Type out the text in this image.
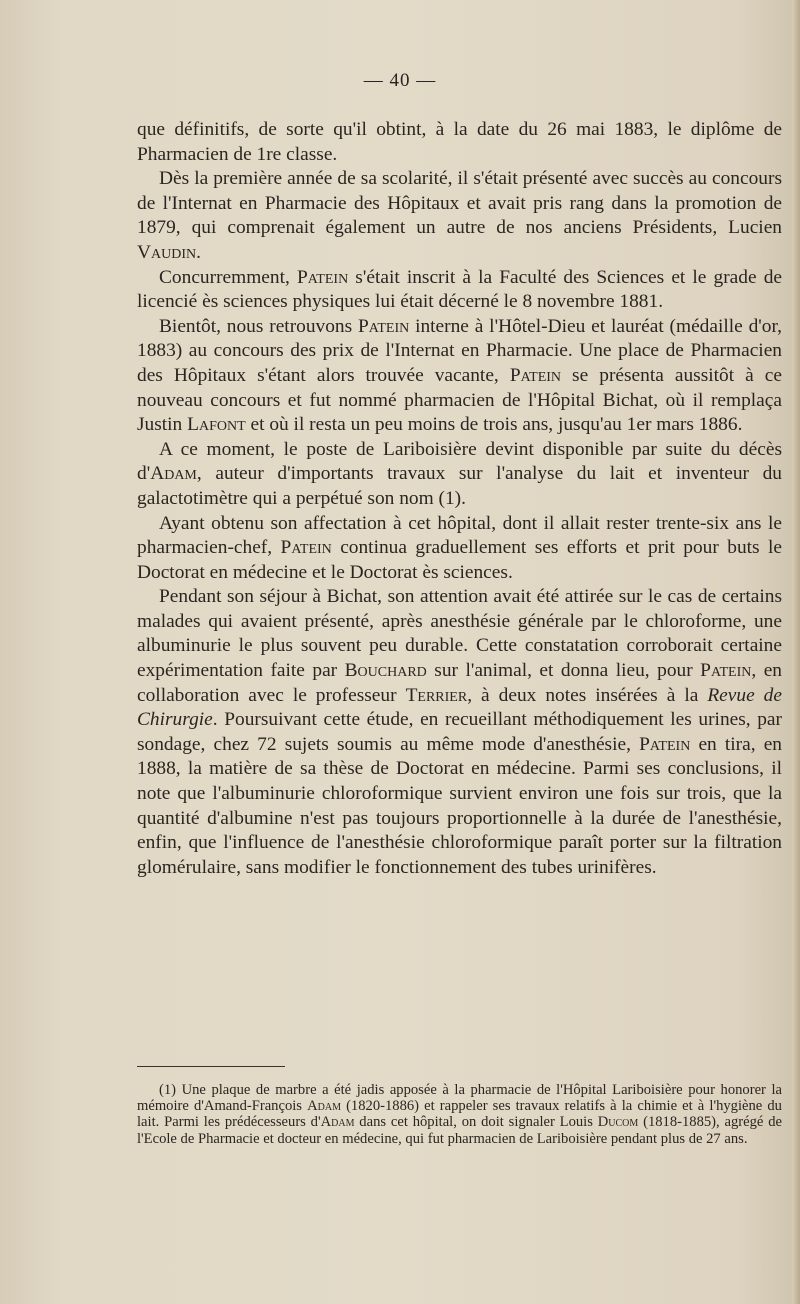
— 40 —

que définitifs, de sorte qu'il obtint, à la date du 26 mai 1883, le diplôme de Pharmacien de 1re classe.

Dès la première année de sa scolarité, il s'était présenté avec succès au concours de l'Internat en Pharmacie des Hôpitaux et avait pris rang dans la promotion de 1879, qui comprenait également un autre de nos anciens Présidents, Lucien Vaudin.

Concurremment, Patein s'était inscrit à la Faculté des Sciences et le grade de licencié ès sciences physiques lui était décerné le 8 novembre 1881.

Bientôt, nous retrouvons Patein interne à l'Hôtel-Dieu et lauréat (médaille d'or, 1883) au concours des prix de l'Internat en Pharmacie. Une place de Pharmacien des Hôpitaux s'étant alors trouvée vacante, Patein se présenta aussitôt à ce nouveau concours et fut nommé pharmacien de l'Hôpital Bichat, où il remplaça Justin Lafont et où il resta un peu moins de trois ans, jusqu'au 1er mars 1886.

A ce moment, le poste de Lariboisière devint disponible par suite du décès d'Adam, auteur d'importants travaux sur l'analyse du lait et inventeur du galactotimètre qui a perpétué son nom (1).

Ayant obtenu son affectation à cet hôpital, dont il allait rester trente-six ans le pharmacien-chef, Patein continua graduellement ses efforts et prit pour buts le Doctorat en médecine et le Doctorat ès sciences.

Pendant son séjour à Bichat, son attention avait été attirée sur le cas de certains malades qui avaient présenté, après anesthésie générale par le chloroforme, une albuminurie le plus souvent peu durable. Cette constatation corroborait certaine expérimentation faite par Bouchard sur l'animal, et donna lieu, pour Patein, en collaboration avec le professeur Terrier, à deux notes insérées à la Revue de Chirurgie. Poursuivant cette étude, en recueillant méthodiquement les urines, par sondage, chez 72 sujets soumis au même mode d'anesthésie, Patein en tira, en 1888, la matière de sa thèse de Doctorat en médecine. Parmi ses conclusions, il note que l'albuminurie chloroformique survient environ une fois sur trois, que la quantité d'albumine n'est pas toujours proportionnelle à la durée de l'anesthésie, enfin, que l'influence de l'anesthésie chloroformique paraît porter sur la filtration glomérulaire, sans modifier le fonctionnement des tubes urinifères.

(1) Une plaque de marbre a été jadis apposée à la pharmacie de l'Hôpital Lariboisière pour honorer la mémoire d'Amand-François Adam (1820-1886) et rappeler ses travaux relatifs à la chimie et à l'hygiène du lait. Parmi les prédécesseurs d'Adam dans cet hôpital, on doit signaler Louis Ducom (1818-1885), agrégé de l'Ecole de Pharmacie et docteur en médecine, qui fut pharmacien de Lariboisière pendant plus de 27 ans.
